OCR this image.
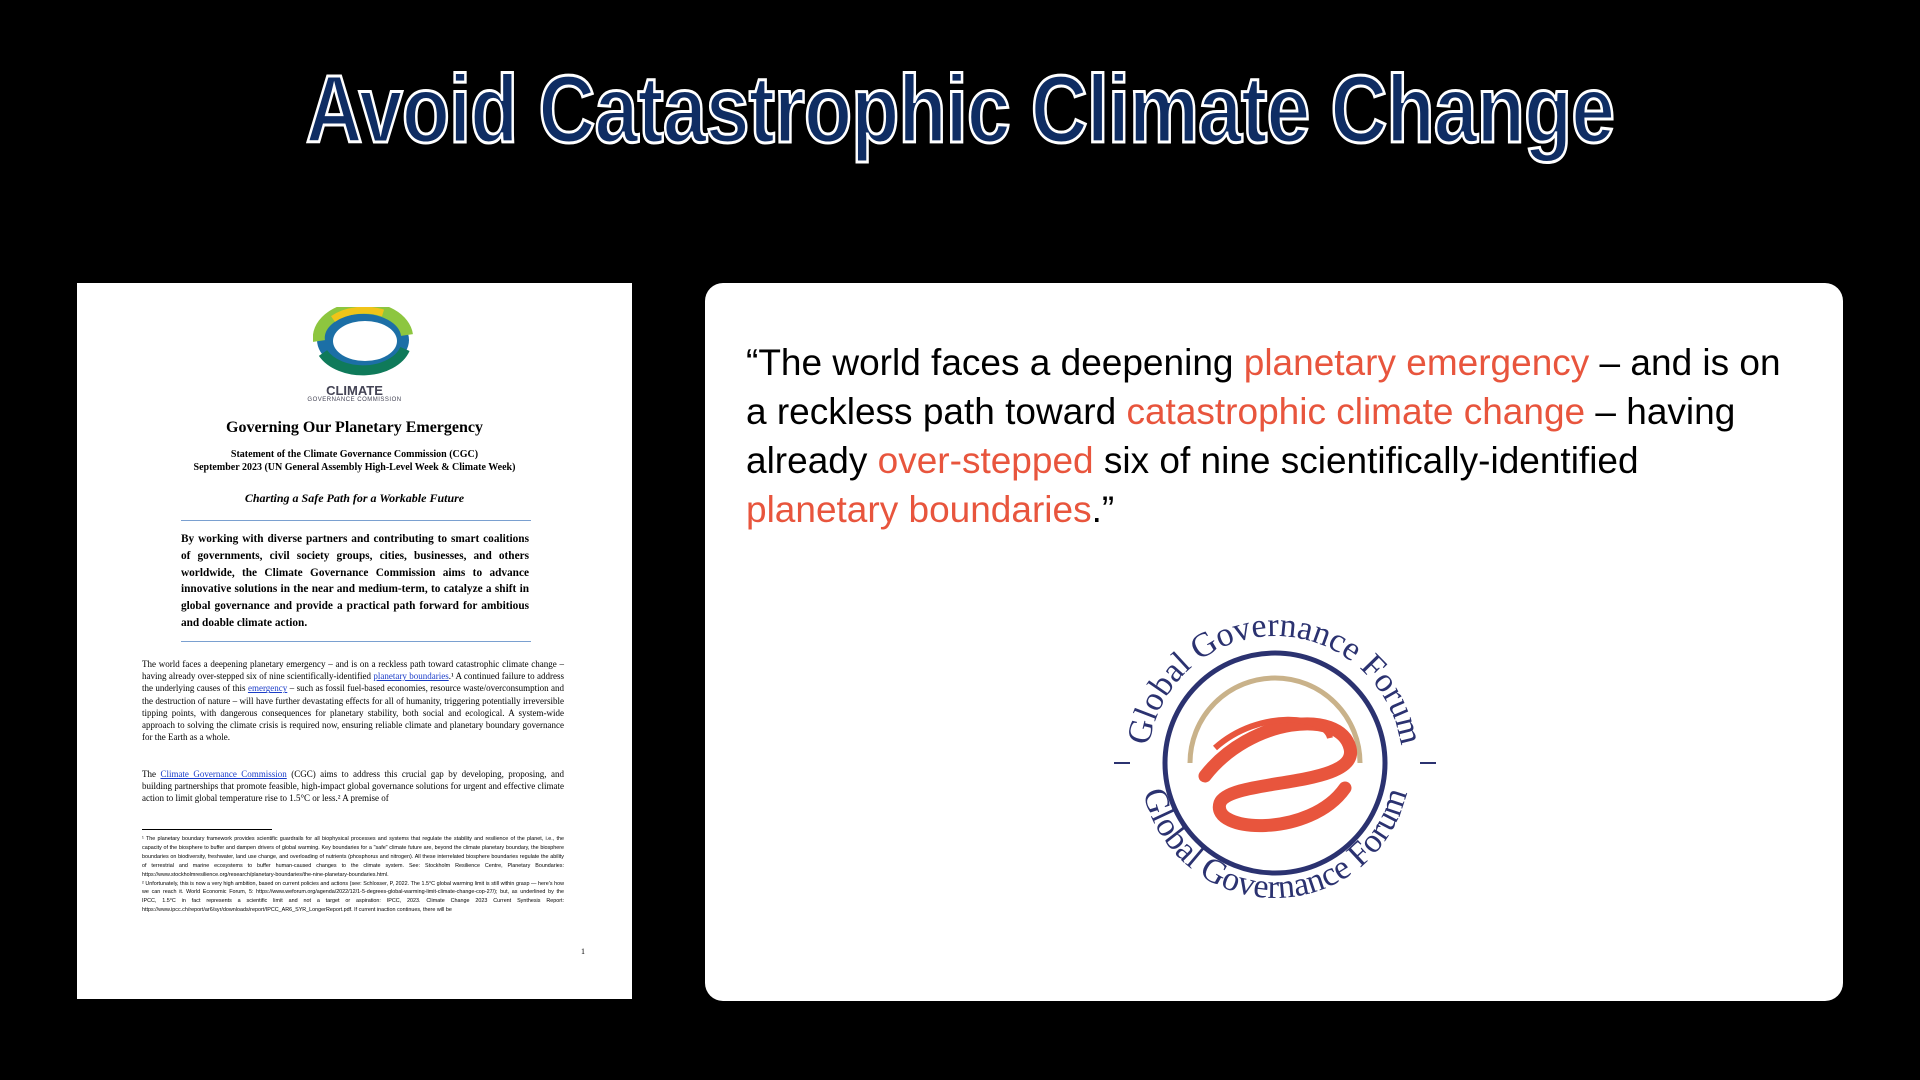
Avoid Catastrophic Climate Change
CLIMATE
GOVERNANCE COMMISSION
Governing Our Planetary Emergency
Statement of the Climate Governance Commission (CGC)
September 2023 (UN General Assembly High-Level Week & Climate Week)
Charting a Safe Path for a Workable Future
By working with diverse partners and contributing to smart coalitions of governments, civil society groups, cities, businesses, and others worldwide, the Climate Governance Commission aims to advance innovative solutions in the near and medium-term, to catalyze a shift in global governance and provide a practical path forward for ambitious and doable climate action.
The world faces a deepening planetary emergency – and is on a reckless path toward catastrophic climate change – having already over-stepped six of nine scientifically-identified planetary boundaries.¹ A continued failure to address the underlying causes of this emergency – such as fossil fuel-based economies, resource waste/overconsumption and the destruction of nature – will have further devastating effects for all of humanity, triggering potentially irreversible tipping points, with dangerous consequences for planetary stability, both social and ecological. A system-wide approach to solving the climate crisis is required now, ensuring reliable climate and planetary boundary governance for the Earth as a whole.
The Climate Governance Commission (CGC) aims to address this crucial gap by developing, proposing, and building partnerships that promote feasible, high-impact global governance solutions for urgent and effective climate action to limit global temperature rise to 1.5°C or less.² A premise of
¹ The planetary boundary framework provides scientific guardrails for all biophysical processes and systems that regulate the stability and resilience of the planet, i.e., the capacity of the biosphere to buffer and dampen drivers of global warming. Key boundaries for a "safe" climate future are, beyond the climate planetary boundary, the biosphere boundaries on biodiversity, freshwater, land use change, and overloading of nutrients (phosphorus and nitrogen). All these interrelated biosphere boundaries regulate the ability of terrestrial and marine ecosystems to buffer human-caused changes to the climate system. See: Stockholm Resilience Centre, Planetary Boundaries: https://www.stockholmresilience.org/research/planetary-boundaries/the-nine-planetary-boundaries.html.
² Unfortunately, this is now a very high ambition, based on current policies and actions (see: Schlosser, P, 2022. The 1.5°C global warming limit is still within grasp — here's how we can reach it. World Economic Forum, 5: https://www.weforum.org/agenda/2022/12/1-5-degrees-global-warming-limit-climate-change-cop-27/); but, as underlined by the IPCC, 1.5°C in fact represents a scientific limit and not a target or aspiration: IPCC, 2023. Climate Change 2023 Current Synthesis Report: https://www.ipcc.ch/report/ar6/syr/downloads/report/IPCC_AR6_SYR_LongerReport.pdf. If current inaction continues, there will be
1
“The world faces a deepening planetary emergency – and is on a reckless path toward catastrophic climate change – having already over-stepped six of nine scientifically-identified planetary boundaries.”
Global Governance Forum
Global Governance Forum
